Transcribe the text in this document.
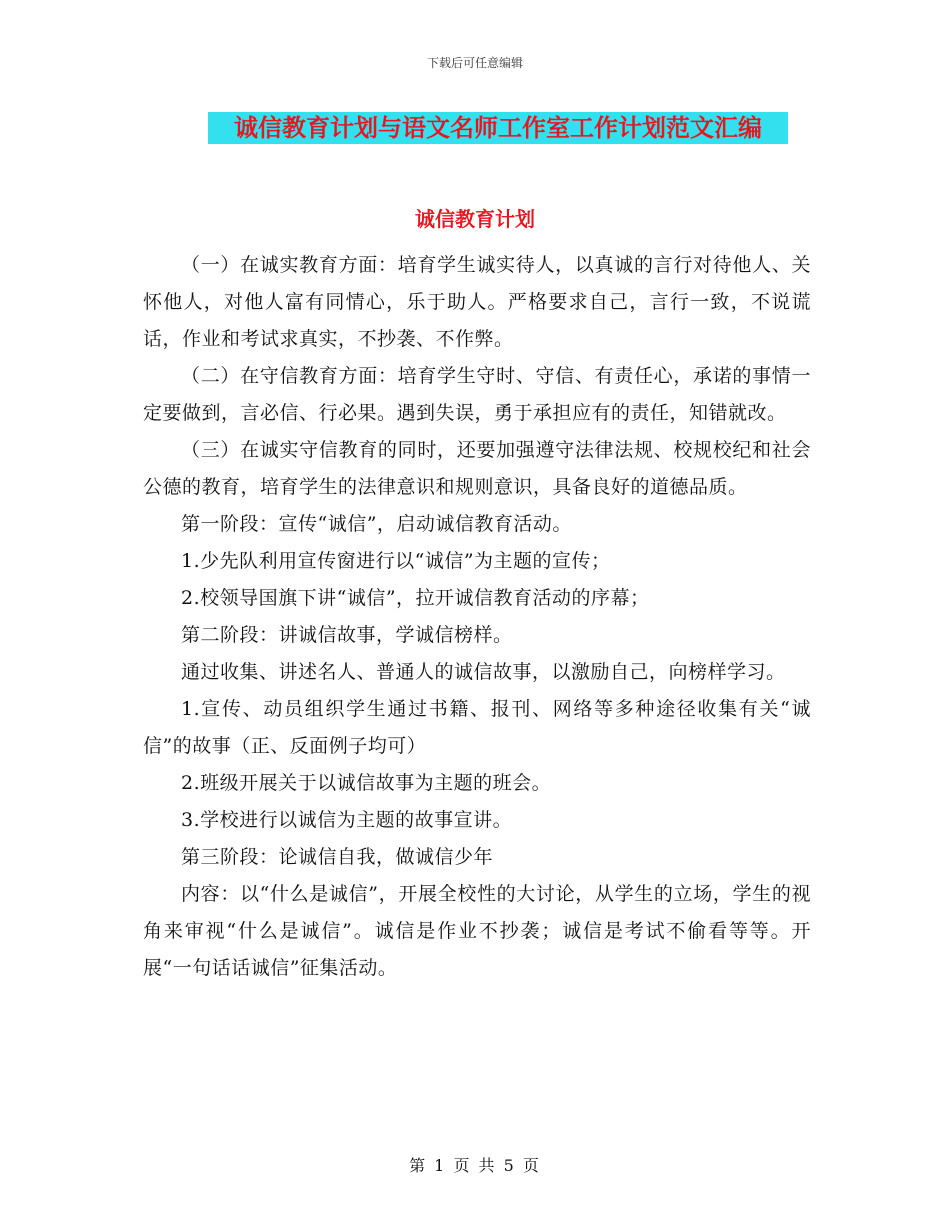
下载后可任意编辑
诚信教育计划与语文名师工作室工作计划范文汇编
诚信教育计划

（一）在诚实教育方面：培育学生诚实待人，以真诚的言行对待他人、关怀他人，对他人富有同情心，乐于助人。严格要求自己，言行一致，不说谎话，作业和考试求真实，不抄袭、不作弊。

（二）在守信教育方面：培育学生守时、守信、有责任心，承诺的事情一定要做到，言必信、行必果。遇到失误，勇于承担应有的责任，知错就改。

（三）在诚实守信教育的同时，还要加强遵守法律法规、校规校纪和社会公德的教育，培育学生的法律意识和规则意识，具备良好的道德品质。

第一阶段：宣传“诚信”，启动诚信教育活动。

1.少先队利用宣传窗进行以“诚信”为主题的宣传；

2.校领导国旗下讲“诚信”，拉开诚信教育活动的序幕；

第二阶段：讲诚信故事，学诚信榜样。

通过收集、讲述名人、普通人的诚信故事，以激励自己，向榜样学习。

1.宣传、动员组织学生通过书籍、报刊、网络等多种途径收集有关“诚信”的故事（正、反面例子均可）

2.班级开展关于以诚信故事为主题的班会。

3.学校进行以诚信为主题的故事宣讲。

第三阶段：论诚信自我，做诚信少年

内容：以“什么是诚信”，开展全校性的大讨论，从学生的立场，学生的视角来审视“什么是诚信”。诚信是作业不抄袭；诚信是考试不偷看等等。开展“一句话话诚信”征集活动。

第 1 页 共 5 页
